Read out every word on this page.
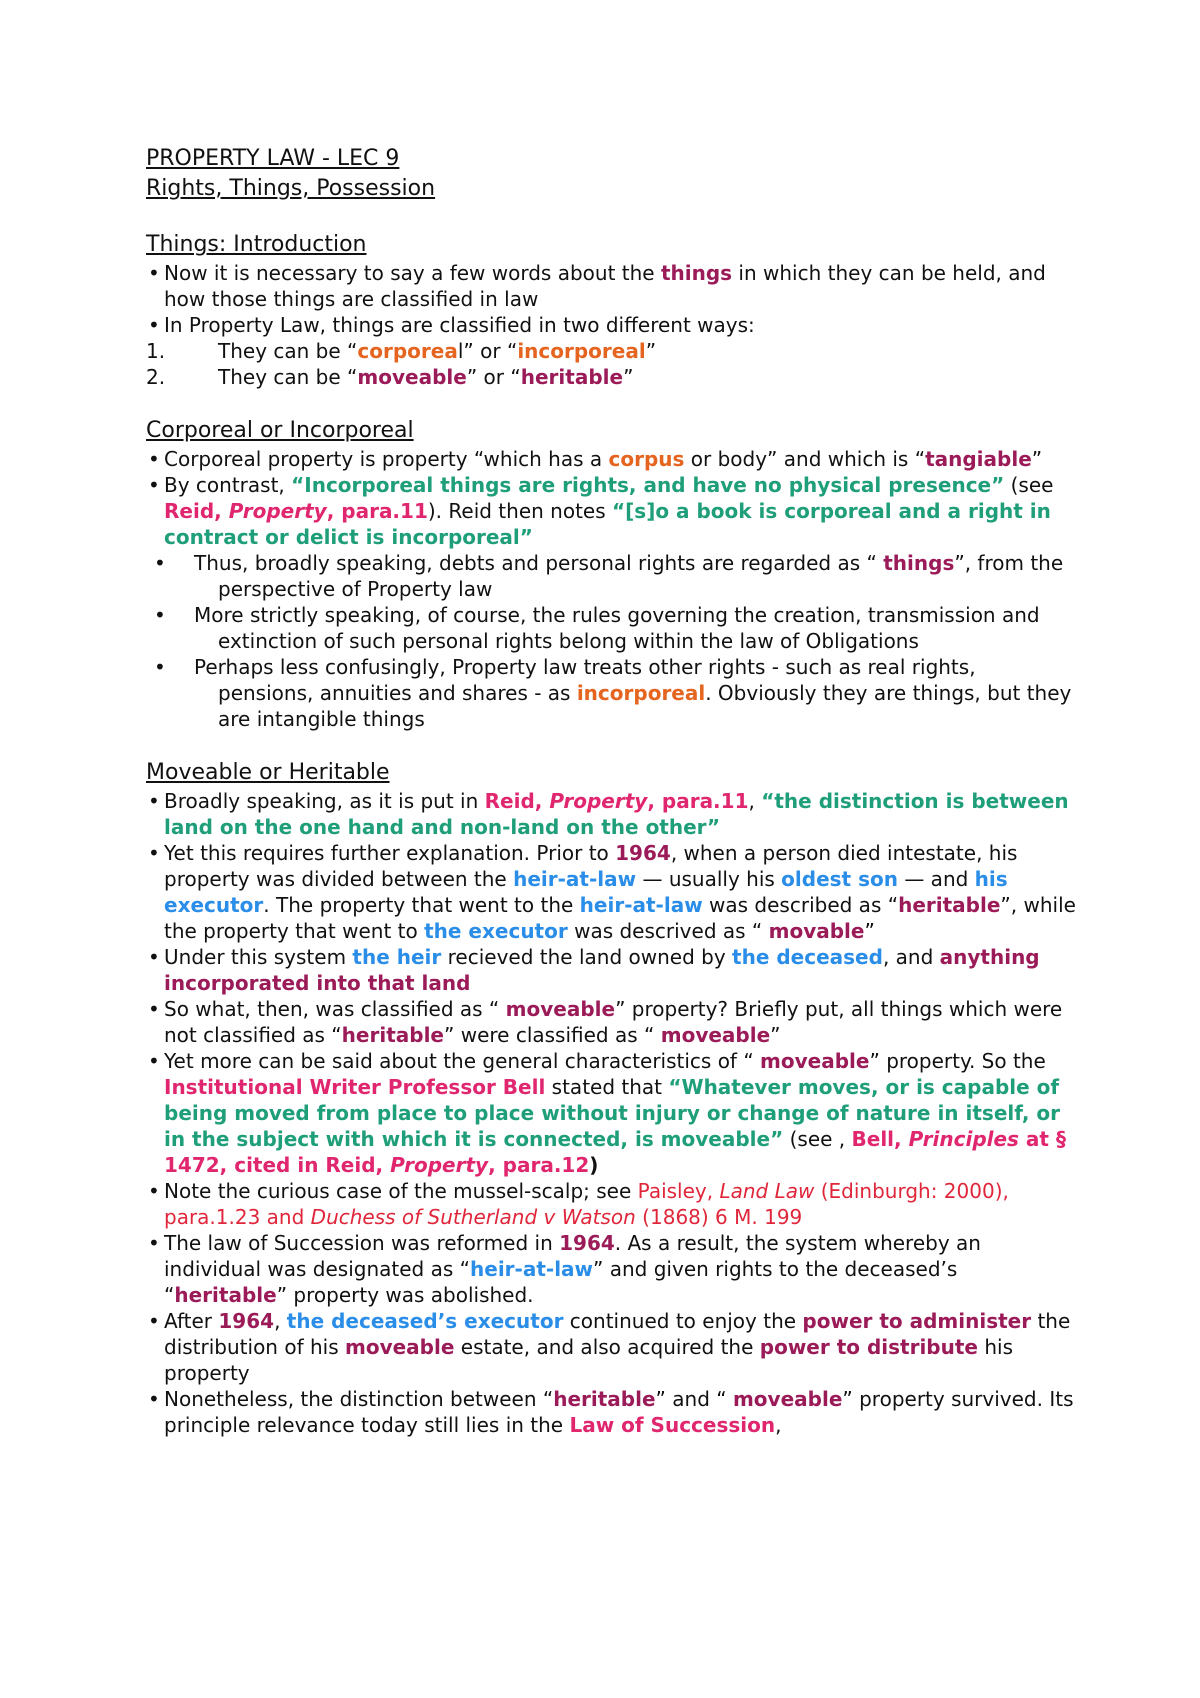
PROPERTY LAW - LEC 9
Rights, Things, Possession
Things: Introduction
• Now it is necessary to say a few words about the things in which they can be held, and how those things are classified in law
• In Property Law, things are classified in two different ways:
1.	They can be “corporeal” or “incorporeal”
2.	They can be “moveable” or “heritable”
Corporeal or Incorporeal
• Corporeal property is property “which has a corpus or body” and which is “tangiable”
• By contrast, “Incorporeal things are rights, and have no physical presence” (see Reid, Property, para.11). Reid then notes “[s]o a book is corporeal and a right in contract or delict is incorporeal”
• Thus, broadly speaking, debts and personal rights are regarded as “ things”, from the perspective of Property law
• More strictly speaking, of course, the rules governing the creation, transmission and extinction of such personal rights belong within the law of Obligations
• Perhaps less confusingly, Property law treats other rights - such as real rights, pensions, annuities and shares - as incorporeal. Obviously they are things, but they are intangible things
Moveable or Heritable
• Broadly speaking, as it is put in Reid, Property, para.11, “the distinction is between land on the one hand and non-land on the other”
• Yet this requires further explanation. Prior to 1964, when a person died intestate, his property was divided between the heir-at-law — usually his oldest son — and his executor. The property that went to the heir-at-law was described as “heritable”, while the property that went to the executor was descrived as “ movable”
• Under this system the heir recieved the land owned by the deceased, and anything incorporated into that land
• So what, then, was classified as “ moveable” property? Briefly put, all things which were not classified as “heritable” were classified as “ moveable”
• Yet more can be said about the general characteristics of “ moveable” property. So the Institutional Writer Professor Bell stated that “Whatever moves, or is capable of being moved from place to place without injury or change of nature in itself, or in the subject with which it is connected, is moveable” (see , Bell, Principles at § 1472, cited in Reid, Property, para.12)
• Note the curious case of the mussel-scalp; see Paisley, Land Law (Edinburgh: 2000), para.1.23 and Duchess of Sutherland v Watson (1868) 6 M. 199
• The law of Succession was reformed in 1964. As a result, the system whereby an individual was designated as “heir-at-law” and given rights to the deceased’s “heritable” property was abolished.
• After 1964, the deceased’s executor continued to enjoy the power to administer the distribution of his moveable estate, and also acquired the power to distribute his property
• Nonetheless, the distinction between “heritable” and “ moveable” property survived. Its principle relevance today still lies in the Law of Succession,
